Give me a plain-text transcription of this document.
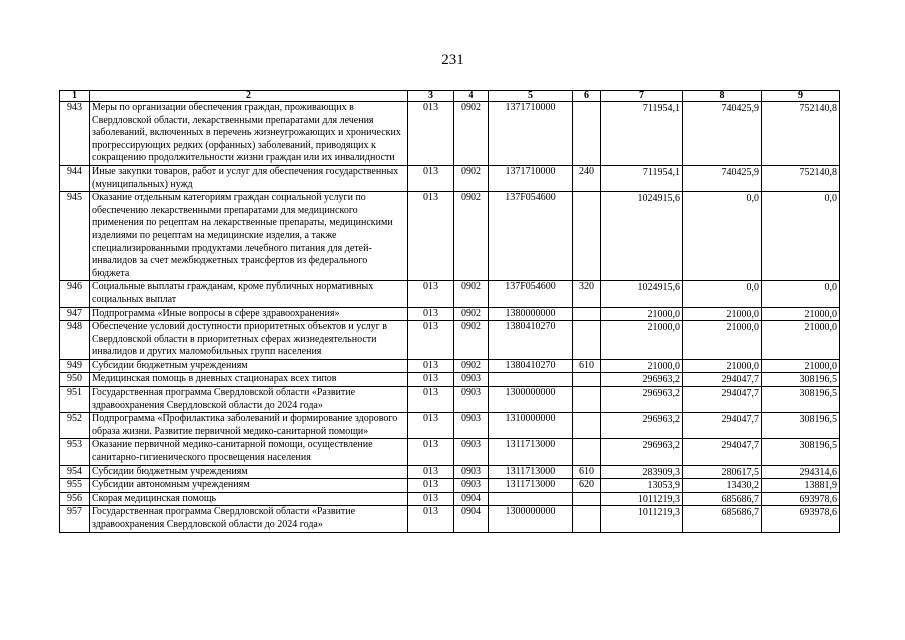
231
1	2	3	4	5	6	7	8	9
943	Меры по организации обеспечения граждан, проживающих в Свердловской области, лекарственными препаратами для лечения заболеваний, включенных в перечень жизнеугрожающих и хронических прогрессирующих редких (орфанных) заболеваний, приводящих к сокращению продолжительности жизни граждан или их инвалидности	013	0902	1371710000		711954,1	740425,9	752140,8
944	Иные закупки товаров, работ и услуг для обеспечения государственных (муниципальных) нужд	013	0902	1371710000	240	711954,1	740425,9	752140,8
945	Оказание отдельным категориям граждан социальной услуги по обеспечению лекарственными препаратами для медицинского применения по рецептам на лекарственные препараты, медицинскими изделиями по рецептам на медицинские изделия, а также специализированными продуктами лечебного питания для детей-инвалидов за счет межбюджетных трансфертов из федерального бюджета	013	0902	137F054600		1024915,6	0,0	0,0
946	Социальные выплаты гражданам, кроме публичных нормативных социальных выплат	013	0902	137F054600	320	1024915,6	0,0	0,0
947	Подпрограмма «Иные вопросы в сфере здравоохранения»	013	0902	1380000000		21000,0	21000,0	21000,0
948	Обеспечение условий доступности приоритетных объектов и услуг в Свердловской области в приоритетных сферах жизнедеятельности инвалидов и других маломобильных групп населения	013	0902	1380410270		21000,0	21000,0	21000,0
949	Субсидии бюджетным учреждениям	013	0902	1380410270	610	21000,0	21000,0	21000,0
950	Медицинская помощь в дневных стационарах всех типов	013	0903			296963,2	294047,7	308196,5
951	Государственная программа Свердловской области «Развитие здравоохранения Свердловской области до 2024 года»	013	0903	1300000000		296963,2	294047,7	308196,5
952	Подпрограмма «Профилактика заболеваний и формирование здорового образа жизни. Развитие первичной медико-санитарной помощи»	013	0903	1310000000		296963,2	294047,7	308196,5
953	Оказание первичной медико-санитарной помощи, осуществление санитарно-гигиенического просвещения населения	013	0903	1311713000		296963,2	294047,7	308196,5
954	Субсидии бюджетным учреждениям	013	0903	1311713000	610	283909,3	280617,5	294314,6
955	Субсидии автономным учреждениям	013	0903	1311713000	620	13053,9	13430,2	13881,9
956	Скорая медицинская помощь	013	0904			1011219,3	685686,7	693978,6
957	Государственная программа Свердловской области «Развитие здравоохранения Свердловской области до 2024 года»	013	0904	1300000000		1011219,3	685686,7	693978,6
